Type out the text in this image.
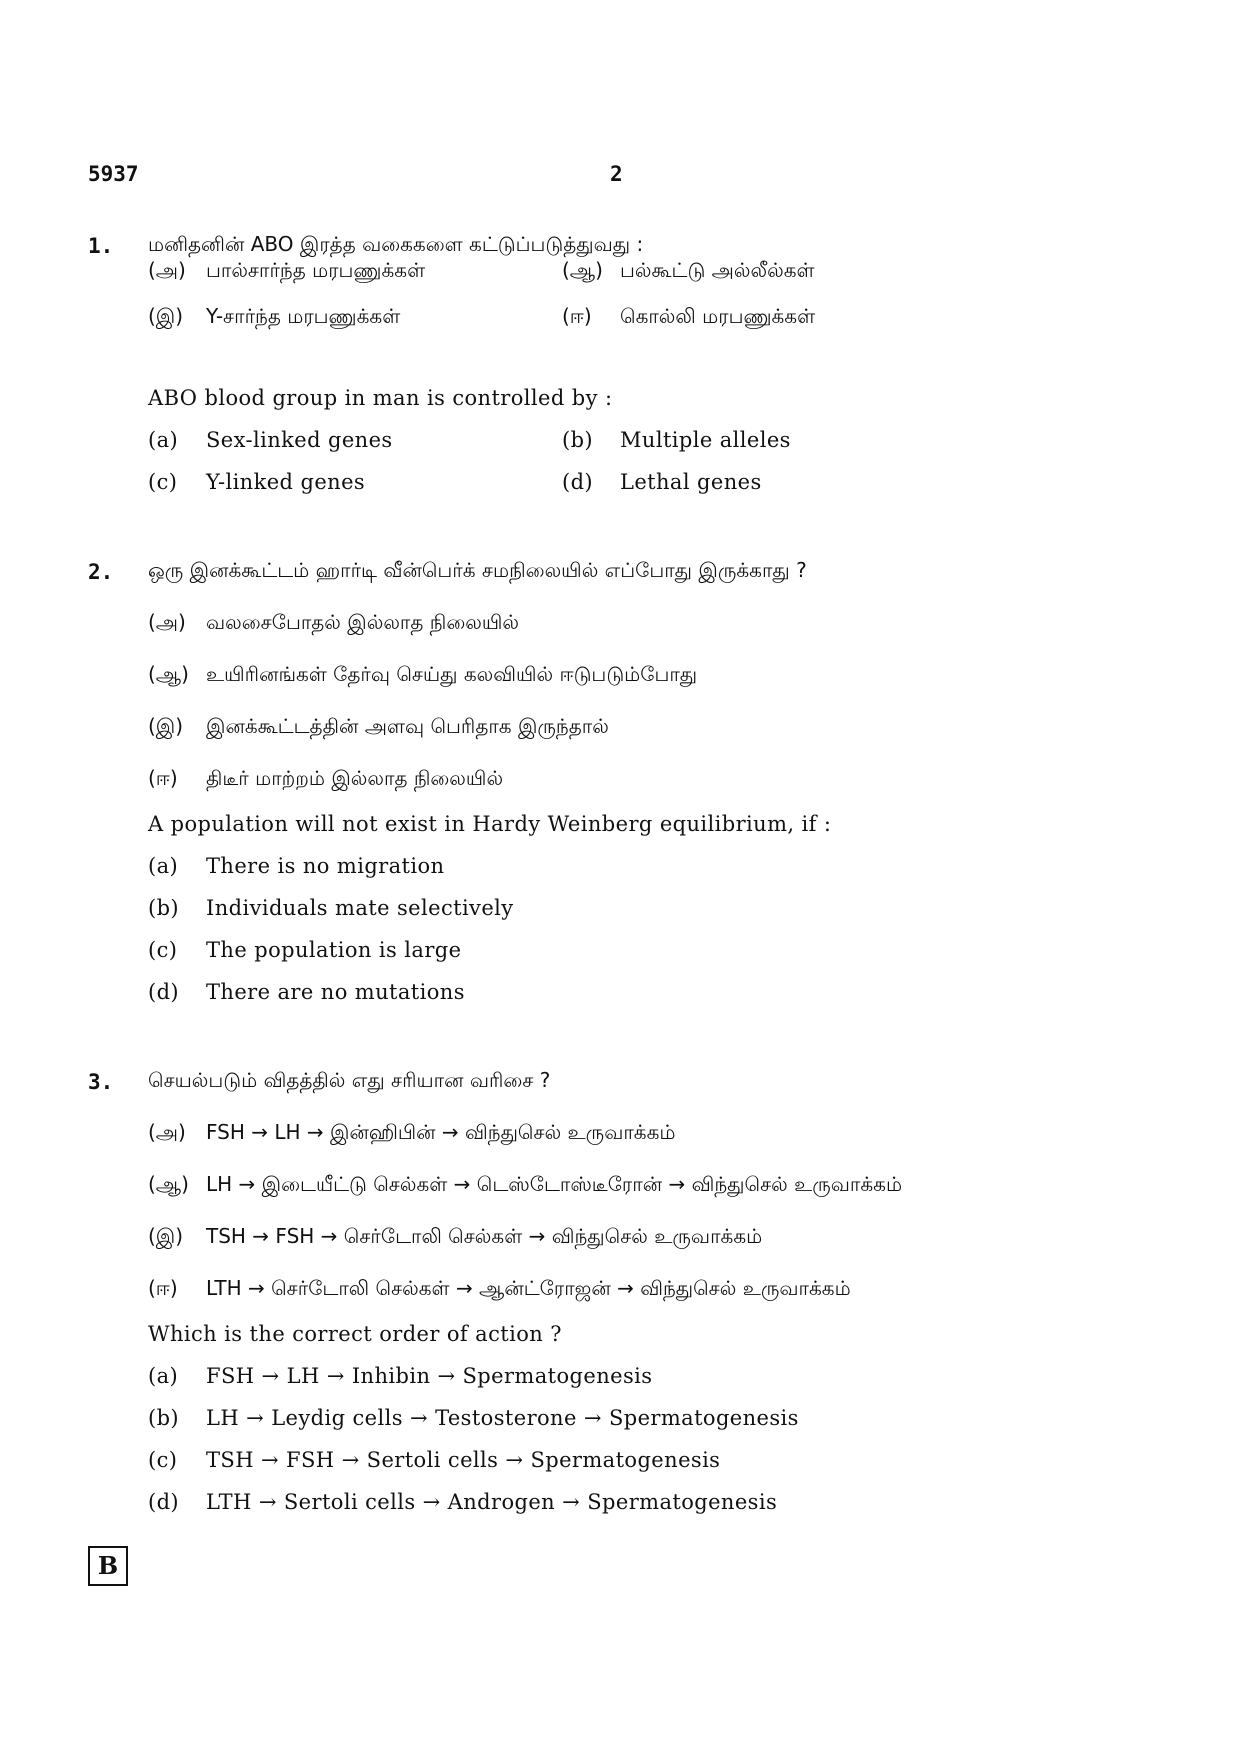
5937	2
1. மனிதனின் ABO இரத்த வகைகளை கட்டுப்படுத்துவது :
(அ) பால்சார்ந்த மரபணுக்கள்	(ஆ) பல்கூட்டு அல்லீல்கள்
(இ) Y-சார்ந்த மரபணுக்கள்	(ஈ) கொல்லி மரபணுக்கள்
ABO blood group in man is controlled by :
(a) Sex-linked genes	(b) Multiple alleles
(c) Y-linked genes	(d) Lethal genes
2. ஒரு இனக்கூட்டம் ஹார்டி வீன்பெர்க் சமநிலையில் எப்போது இருக்காது ?
(அ) வலசைபோதல் இல்லாத நிலையில்
(ஆ) உயிரினங்கள் தேர்வு செய்து கலவியில் ஈடுபடும்போது
(இ) இனக்கூட்டத்தின் அளவு பெரிதாக இருந்தால்
(ஈ) திடீர் மாற்றம் இல்லாத நிலையில்
A population will not exist in Hardy Weinberg equilibrium, if :
(a) There is no migration
(b) Individuals mate selectively
(c) The population is large
(d) There are no mutations
3. செயல்படும் விதத்தில் எது சரியான வரிசை ?
(அ) FSH → LH → இன்ஹிபின் → விந்துசெல் உருவாக்கம்
(ஆ) LH → இடையீட்டு செல்கள் → டெஸ்டோஸ்டீரோன் → விந்துசெல் உருவாக்கம்
(இ) TSH → FSH → செர்டோலி செல்கள் → விந்துசெல் உருவாக்கம்
(ஈ) LTH → செர்டோலி செல்கள் → ஆன்ட்ரோஜன் → விந்துசெல் உருவாக்கம்
Which is the correct order of action ?
(a) FSH → LH → Inhibin → Spermatogenesis
(b) LH → Leydig cells → Testosterone → Spermatogenesis
(c) TSH → FSH → Sertoli cells → Spermatogenesis
(d) LTH → Sertoli cells → Androgen → Spermatogenesis
B
